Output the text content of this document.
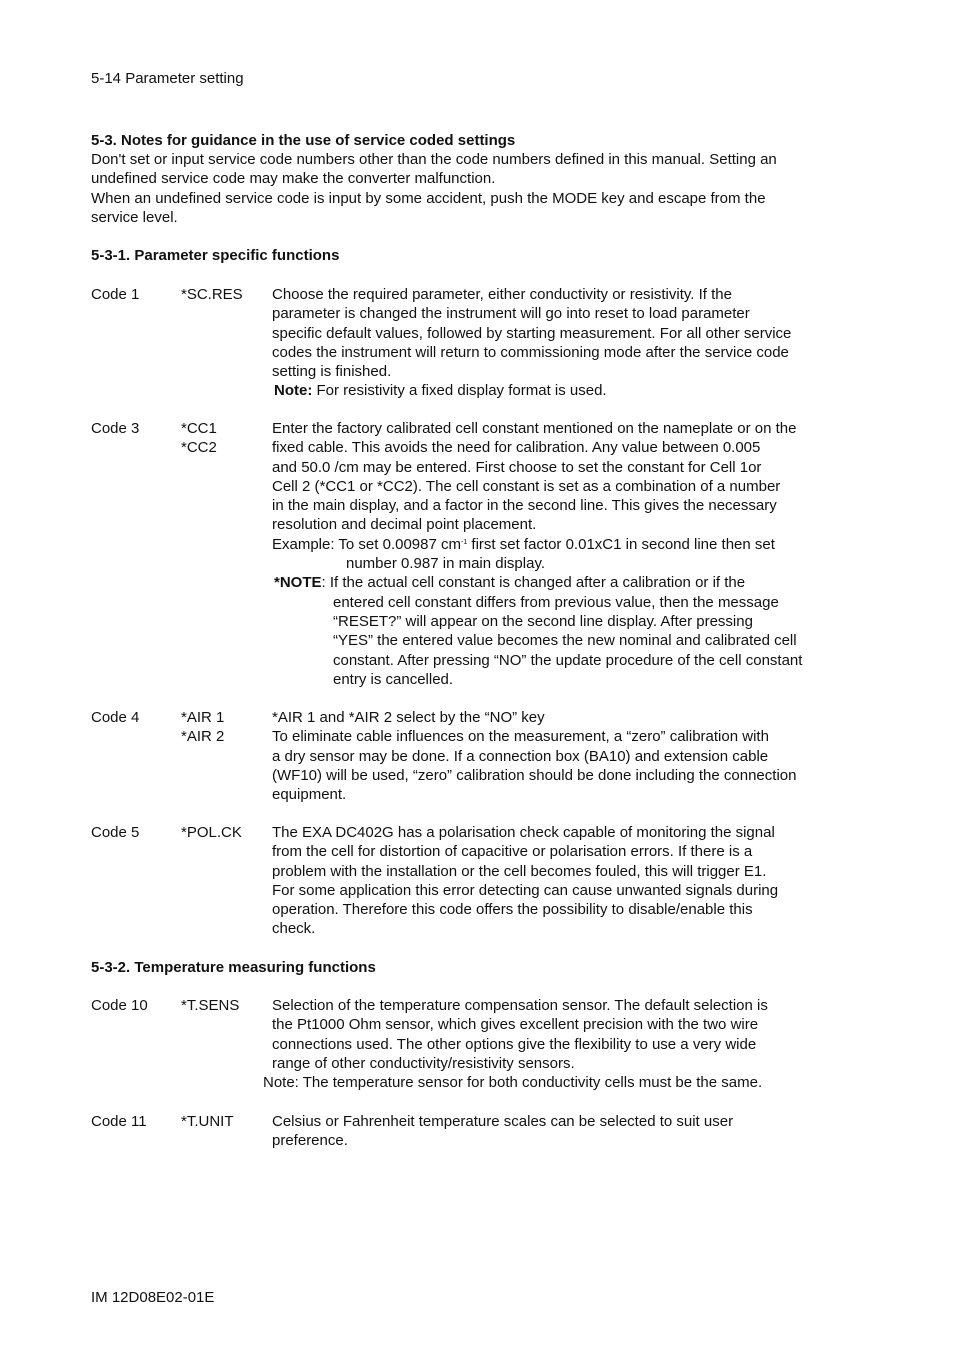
5-14 Parameter setting
5-3. Notes for guidance in the use of service coded settings

Don't set or input service code numbers other than the code numbers defined in this manual. Setting an

undefined service code may make the converter malfunction.

When an undefined service code is input by some accident, push the MODE key and escape from the

service level.

5-3-1. Parameter specific functions
Code 1	*SC.RES Choose the required parameter, either conductivity or resistivity. If the
parameter is changed the instrument will go into reset to load parameter
specific default values, followed by starting measurement. For all other service
codes the instrument will return to commissioning mode after the service code
setting is finished.
Note: For resistivity a fixed display format is used.
Code 3	*CC1
*CC2
Enter the factory calibrated cell constant mentioned on the nameplate or on the
fixed cable. This avoids the need for calibration. Any value between 0.005
and 50.0 /cm may be entered. First choose to set the constant for Cell 1or
Cell 2 (*CC1 or *CC2). The cell constant is set as a combination of a number
in the main display, and a factor in the second line. This gives the necessary
resolution and decimal point placement.
Example: To set 0.00987 $cm^{-1}$ first set factor 0.01xC1 in second line then set
number 0.987 in main display.
*NOTE: If the actual cell constant is changed after a calibration or if the
entered cell constant differs from previous value, then the message
“RESET?” will appear on the second line display. After pressing
“YES” the entered value becomes the new nominal and calibrated cell
constant. After pressing “NO” the update procedure of the cell constant
entry is cancelled.
Code 4	*AIR 1
*AIR 2
*AIR 1 and *AIR 2 select by the “NO” key
To eliminate cable influences on the measurement, a “zero” calibration with
a dry sensor may be done. If a connection box (BA10) and extension cable
(WF10) will be used, “zero” calibration should be done including the connection
equipment.
Code 5	*POL.CK The EXA DC402G has a polarisation check capable of monitoring the signal
from the cell for distortion of capacitive or polarisation errors. If there is a
problem with the installation or the cell becomes fouled, this will trigger E1.
For some application this error detecting can cause unwanted signals during
operation. Therefore this code offers the possibility to disable/enable this
check.
5-3-2. Temperature measuring functions
Code 10 *T.SENS Selection of the temperature compensation sensor. The default selection is
the Pt1000 Ohm sensor, which gives excellent precision with the two wire
connections used. The other options give the flexibility to use a very wide
range of other conductivity/resistivity sensors.
Note: The temperature sensor for both conductivity cells must be the same.
Code 11 *T.UNIT	Celsius or Fahrenheit temperature scales can be selected to suit user
preference.
IM 12D08E02-01E
